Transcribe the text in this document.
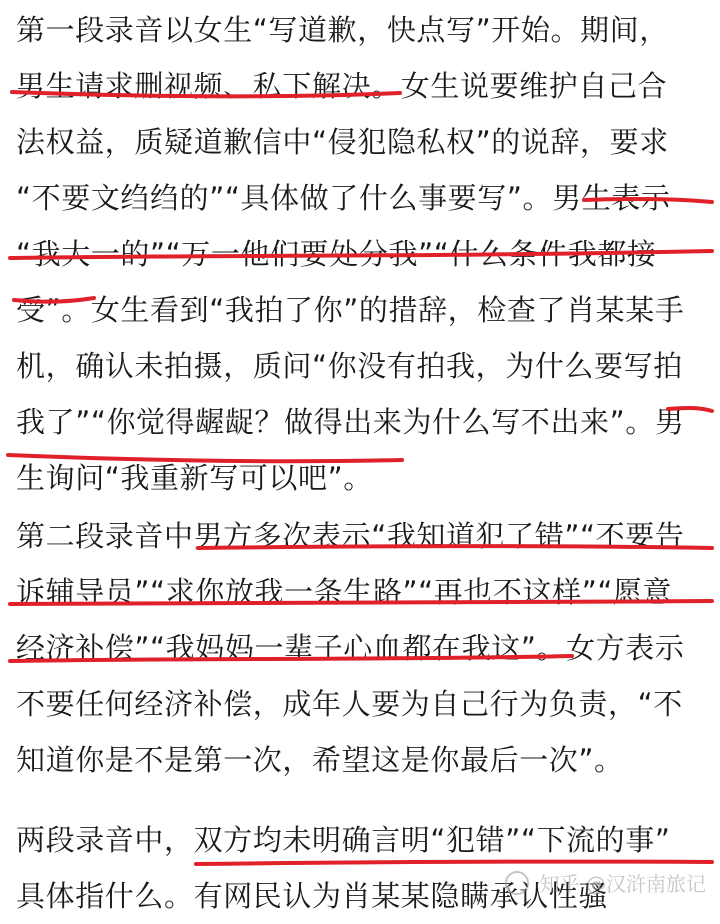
第一段录音以女生“写道歉，快点写”开始。期间，
男生请求删视频、私下解决。女生说要维护自己合
法权益，质疑道歉信中“侵犯隐私权”的说辞，要求
“不要文绉绉的”“具体做了什么事要写”。男生表示
“我大一的”“万一他们要处分我”“什么条件我都接
受”。女生看到“我拍了你”的措辞，检查了肖某某手
机，确认未拍摄，质问“你没有拍我，为什么要写拍
我了”“你觉得龌龊？做得出来为什么写不出来”。男
生询问“我重新写可以吧”。
第二段录音中男方多次表示“我知道犯了错”“不要告
诉辅导员”“求你放我一条生路”“再也不这样”“愿意
经济补偿”“我妈妈一辈子心血都在我这”。女方表示
不要任何经济补偿，成年人要为自己行为负责，“不
知道你是不是第一次，希望这是你最后一次”。
两段录音中，双方均未明确言明“犯错”“下流的事”
具体指什么。有网民认为肖某某隐瞒承认性骚
知乎 @汉浒南旅记
